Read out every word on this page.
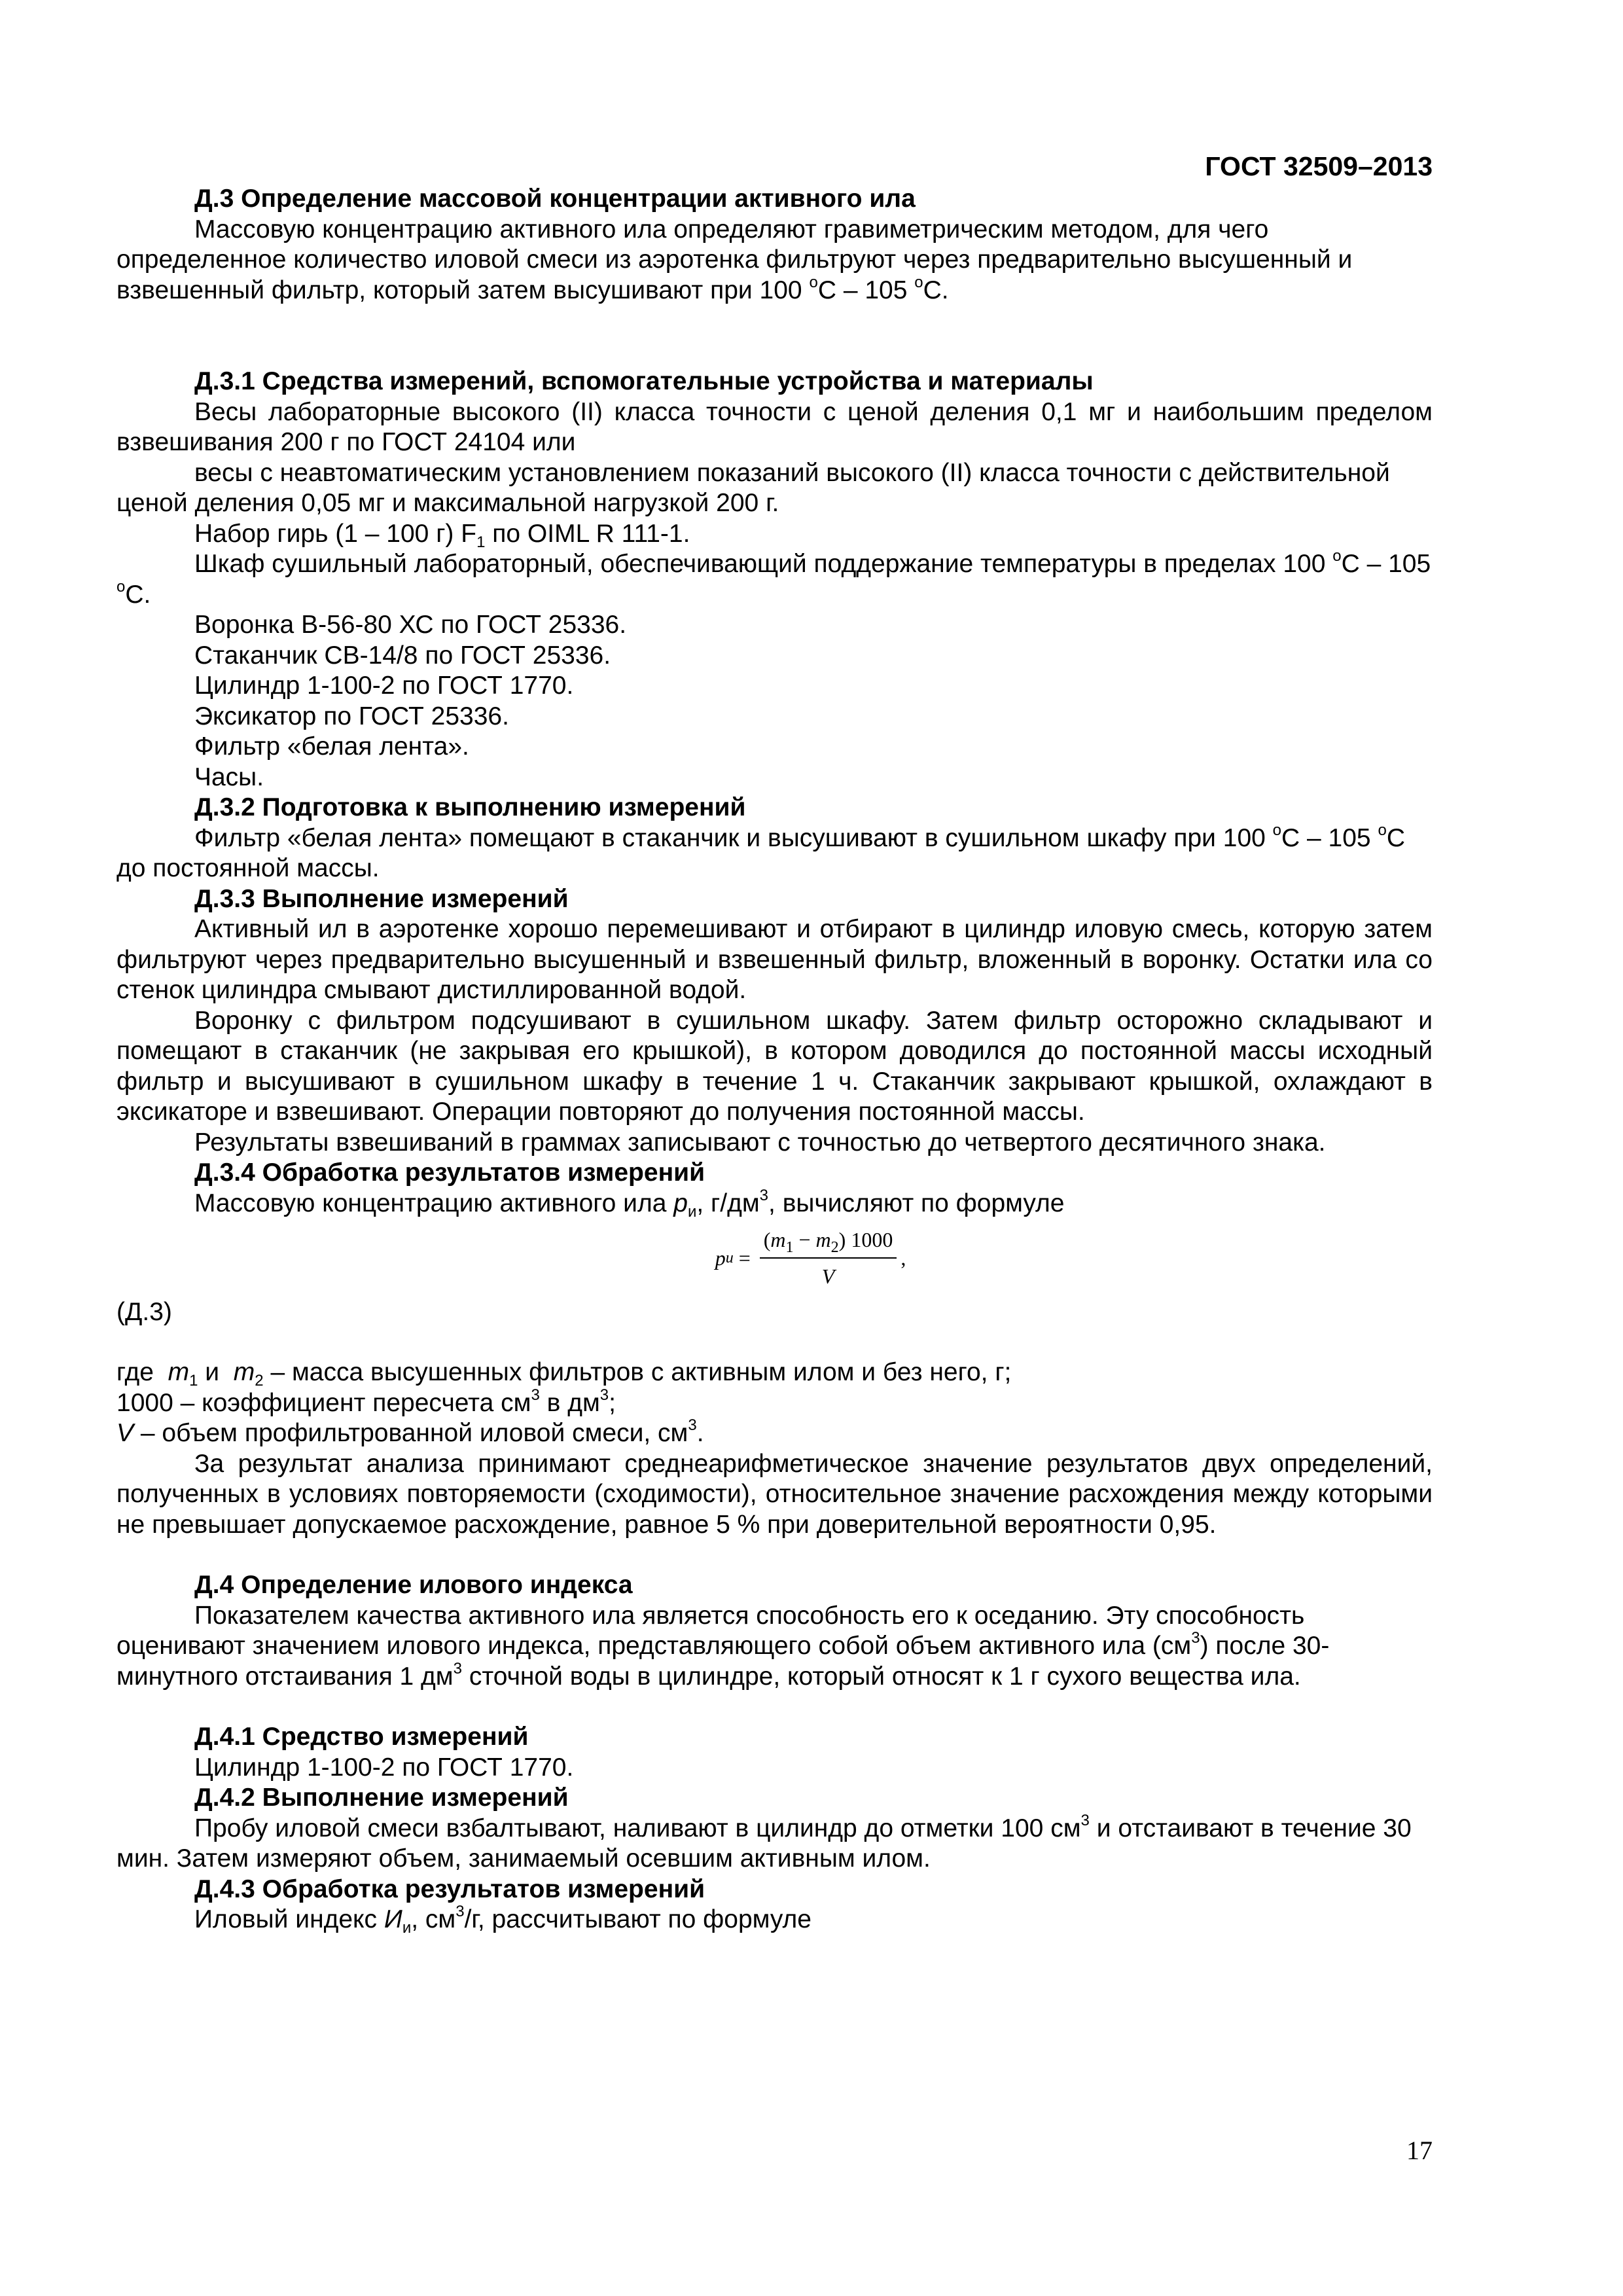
ГОСТ 32509–2013

Д.3 Определение массовой концентрации активного ила

Массовую концентрацию активного ила определяют гравиметрическим методом, для чего определенное количество иловой смеси из аэротенка фильтруют через предварительно высушенный и взвешенный фильтр, который затем высушивают при 100 $^o$С – 105 $^o$С.

Д.3.1 Средства измерений, вспомогательные устройства и материалы

Весы лабораторные высокого (II) класса точности с ценой деления 0,1 мг и наибольшим пределом взвешивания 200 г по ГОСТ 24104 или

весы с неавтоматическим установлением показаний высокого (II) класса точности с действительной ценой деления 0,05 мг и максимальной нагрузкой 200 г.

Набор гирь (1 – 100 г) $F_1$ по OIML R 111-1.

Шкаф сушильный лабораторный, обеспечивающий поддержание температуры в пределах 100 $^o$С – 105 $^o$С.

Воронка В-56-80 ХС по ГОСТ 25336.

Стаканчик СВ-14/8 по ГОСТ 25336.

Цилиндр 1-100-2 по ГОСТ 1770.

Эксикатор по ГОСТ 25336.

Фильтр «белая лента».

Часы.

Д.3.2 Подготовка к выполнению измерений

Фильтр «белая лента» помещают в стаканчик и высушивают в сушильном шкафу при 100 $^o$С – 105 $^o$С до постоянной массы.

Д.3.3 Выполнение измерений

Активный ил в аэротенке хорошо перемешивают и отбирают в цилиндр иловую смесь, которую затем фильтруют через предварительно высушенный и взвешенный фильтр, вложенный в воронку. Остатки ила со стенок цилиндра смывают дистиллированной водой.

Воронку с фильтром подсушивают в сушильном шкафу. Затем фильтр осторожно складывают и помещают в стаканчик (не закрывая его крышкой), в котором доводился до постоянной массы исходный фильтр и высушивают в сушильном шкафу в течение 1 ч. Стаканчик закрывают крышкой, охлаждают в эксикаторе и взвешивают. Операции повторяют до получения постоянной массы.

Результаты взвешиваний в граммах записывают с точностью до четвертого десятичного знака.

Д.3.4 Обработка результатов измерений

Массовую концентрацию активного ила $р_и$, $г/дм^3$, вычисляют по формуле

р $и = \frac{(m_1 - m_2) 1000}{V}$ ,

(Д.3)

где  $m_1$ и  $m_2$ – масса высушенных фильтров с активным илом и без него, г;

1000 – коэффициент пересчета $см^3$ в $дм^3$;

V – объем профильтрованной иловой смеси, $см^3$.

За результат анализа принимают среднеарифметическое значение результатов двух определений, полученных в условиях повторяемости (сходимости), относительное значение расхождения между которыми не превышает допускаемое расхождение, равное 5 % при доверительной вероятности 0,95.

Д.4 Определение илового индекса

Показателем качества активного ила является способность его к оседанию. Эту способность оценивают значением илового индекса, представляющего собой объем активного ила $(см^3)$ после 30-минутного отстаивания 1 $дм^3$ сточной воды в цилиндре, который относят к 1 г сухого вещества ила.

Д.4.1 Средство измерений

Цилиндр 1-100-2 по ГОСТ 1770.

Д.4.2 Выполнение измерений

Пробу иловой смеси взбалтывают, наливают в цилиндр до отметки 100 $см^3$ и отстаивают в течение 30 мин. Затем измеряют объем, занимаемый осевшим активным илом.

Д.4.3 Обработка результатов измерений

Иловый индекс $И_и$, $см^3/г$, рассчитывают по формуле

17
